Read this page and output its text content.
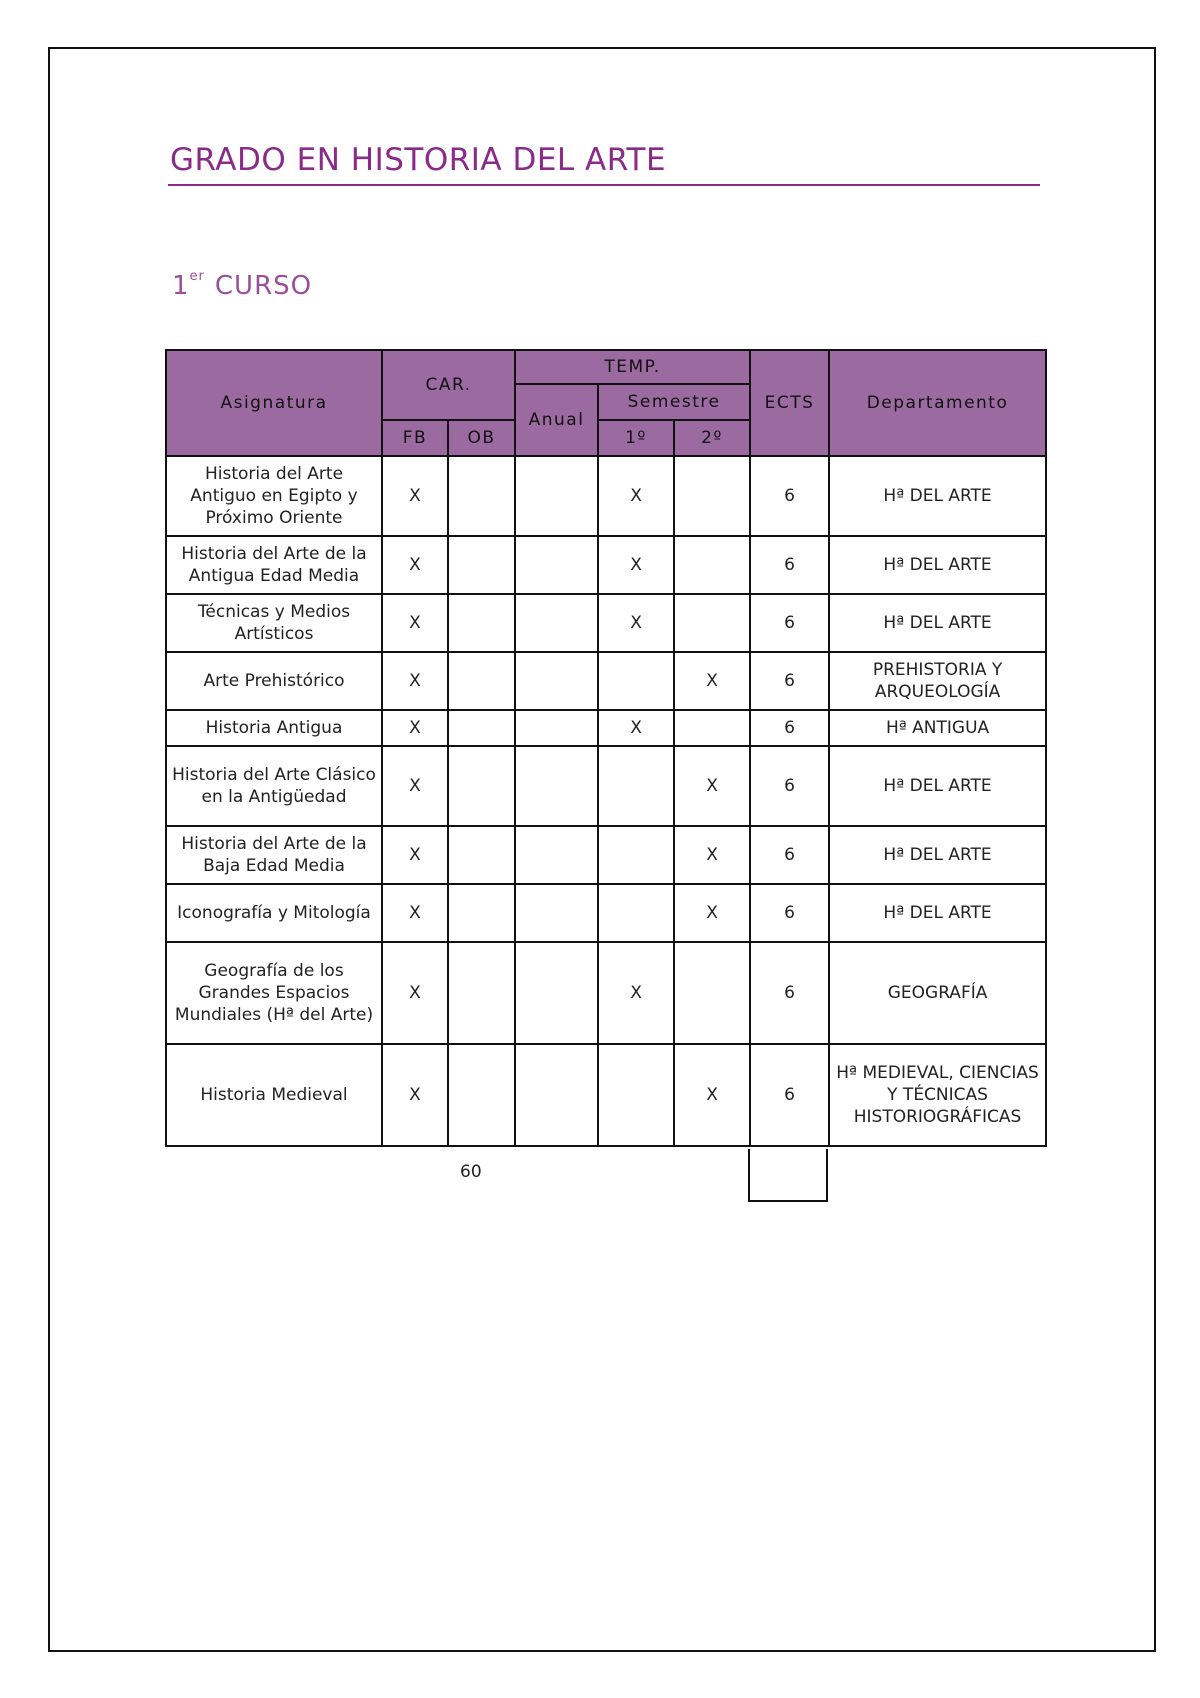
GRADO EN HISTORIA DEL ARTE
1er CURSO
Asignatura	CAR.		TEMP.			ECTS	Departamento
			Anual	Semestre			
	FB	OB		1º	2º		
Historia del Arte Antiguo en Egipto y Próximo Oriente	X			X		6	Hª DEL ARTE
Historia del Arte de la Antigua Edad Media	X			X		6	Hª DEL ARTE
Técnicas y Medios Artísticos	X			X		6	Hª DEL ARTE
Arte Prehistórico	X				X	6	PREHISTORIA Y ARQUEOLOGÍA
Historia Antigua	X			X		6	Hª ANTIGUA
Historia del Arte Clásico en la Antigüedad	X				X	6	Hª DEL ARTE
Historia del Arte de la Baja Edad Media	X				X	6	Hª DEL ARTE
Iconografía y Mitología	X				X	6	Hª DEL ARTE
Geografía de los Grandes Espacios Mundiales (Hª del Arte)	X			X		6	GEOGRAFÍA
Historia Medieval	X				X	6	Hª MEDIEVAL, CIENCIAS Y TÉCNICAS HISTORIOGRÁFICAS
60
